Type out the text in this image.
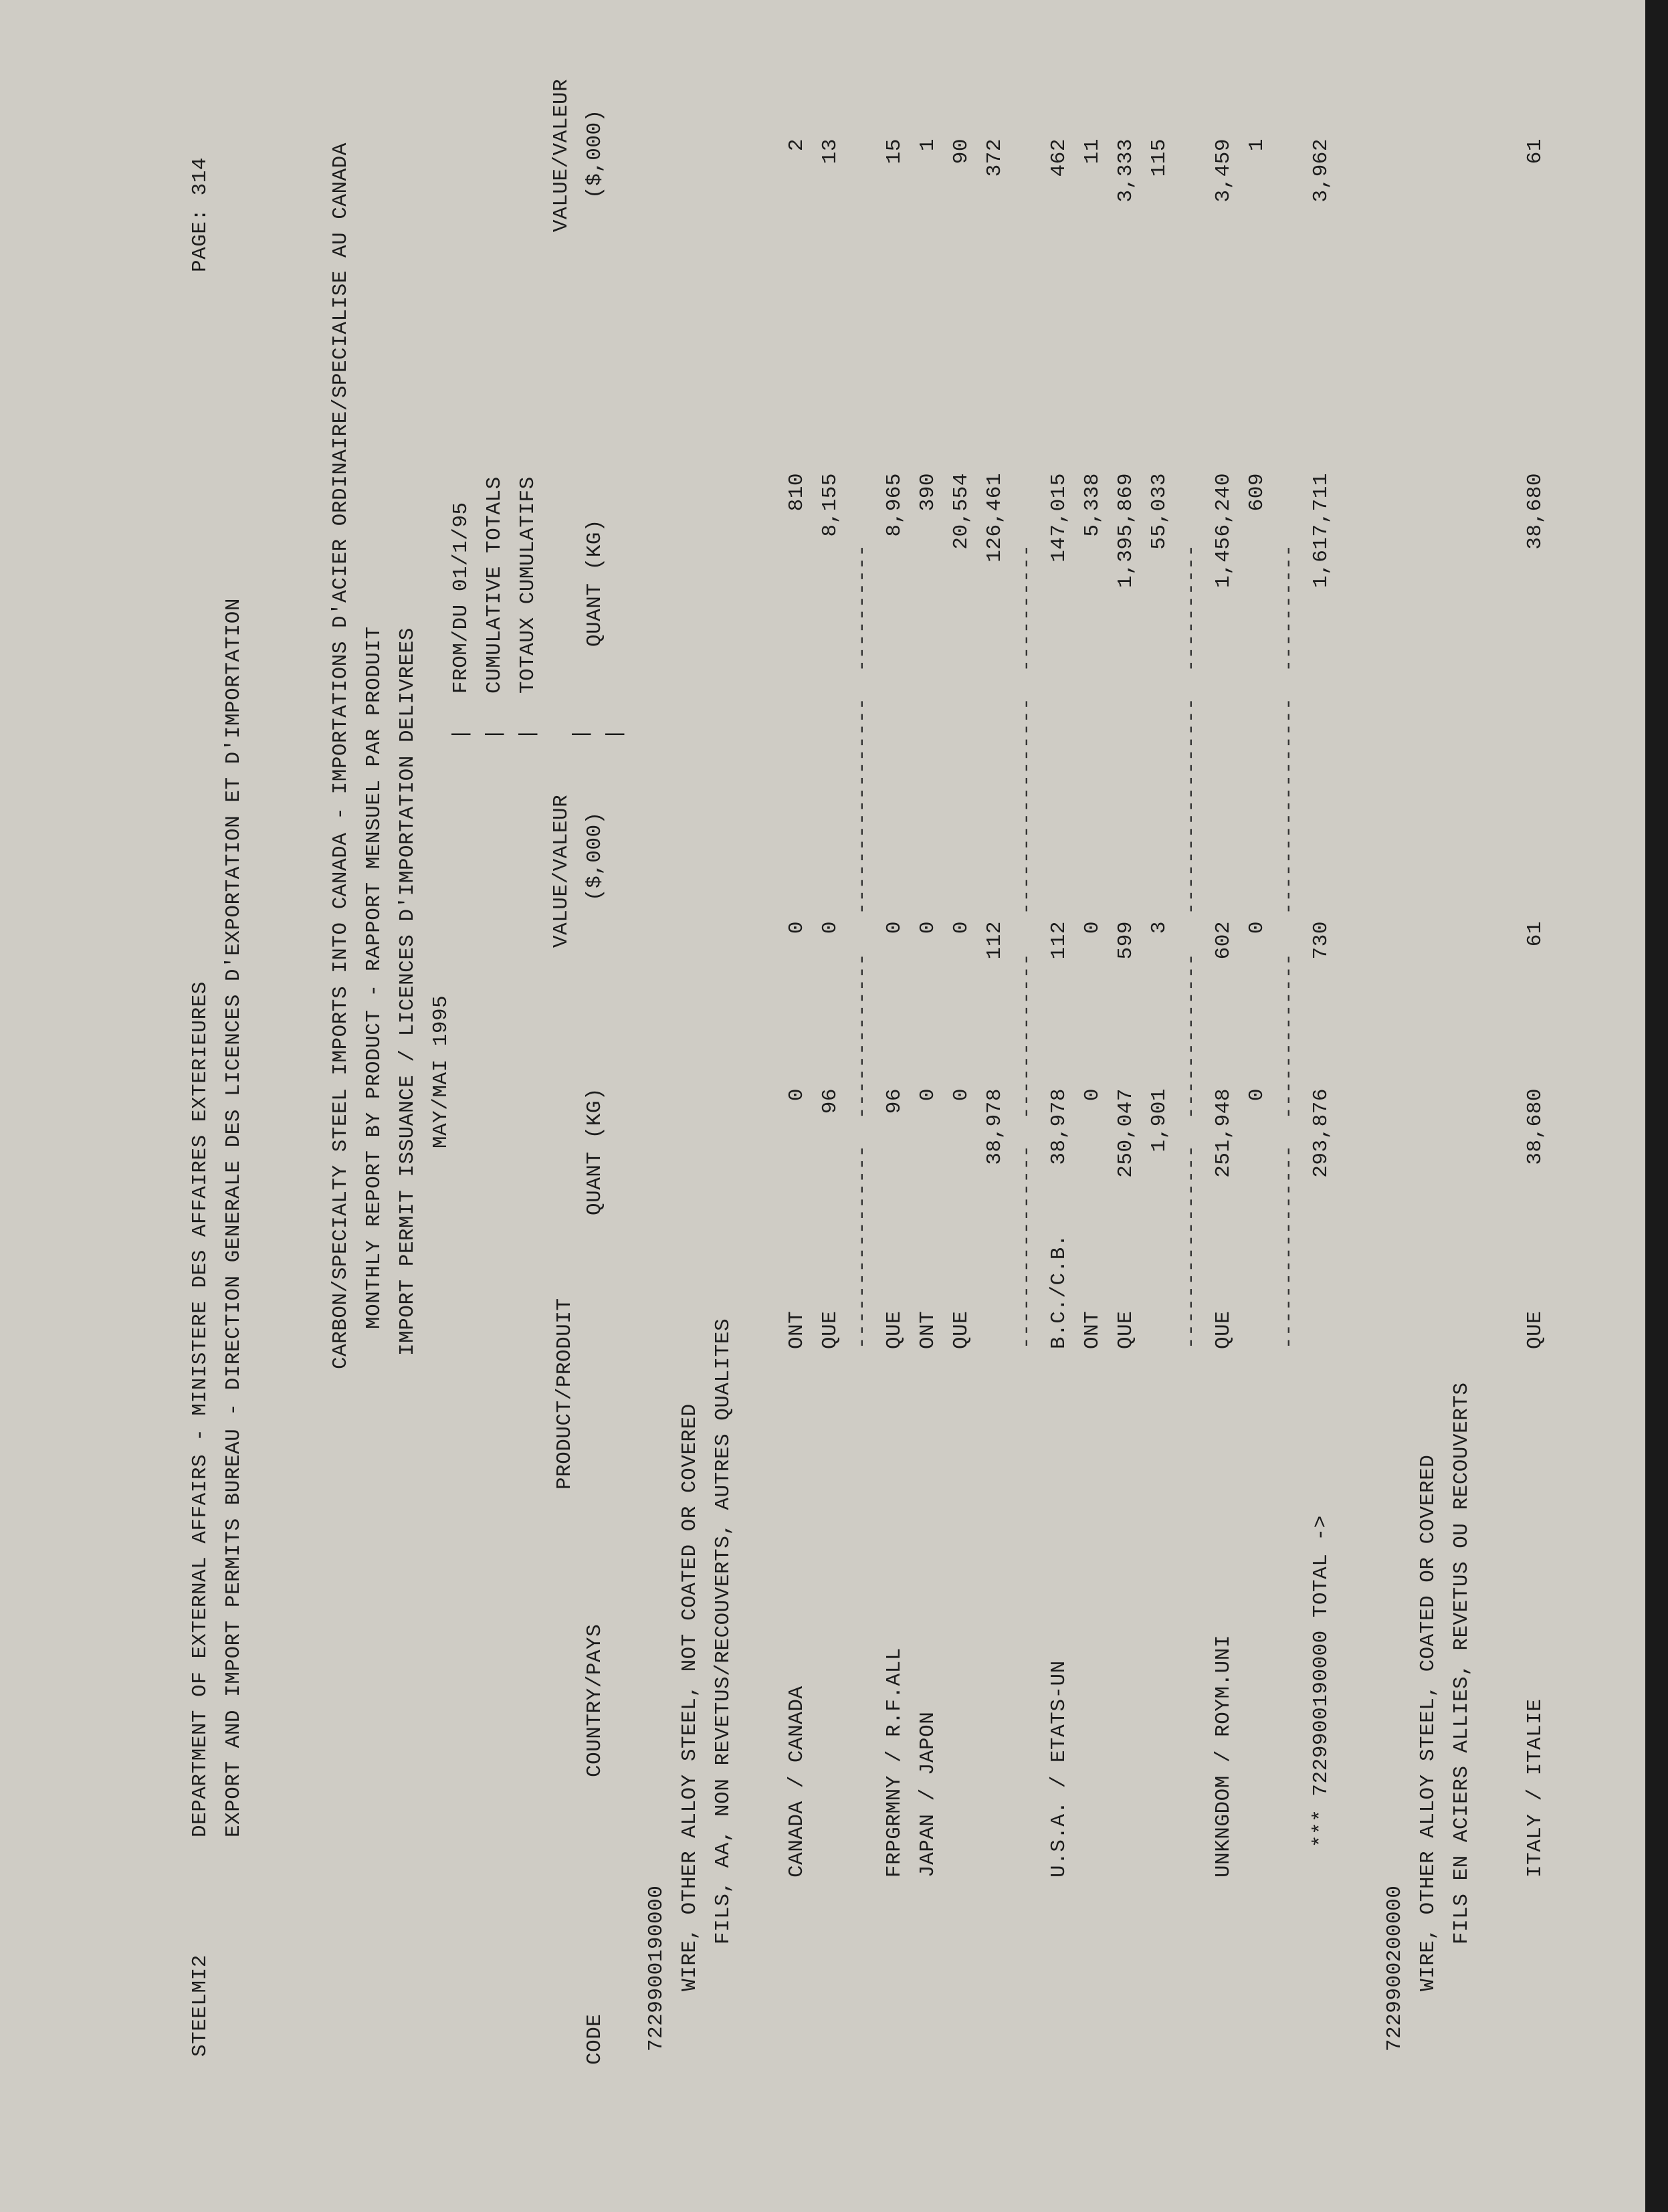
STEELMI2
DEPARTMENT OF EXTERNAL AFFAIRS - MINISTERE DES AFFAIRES EXTERIEURES EXPORT AND IMPORT PERMITS BUREAU - DIRECTION GENERALE DES LICENCES D'EXPORTATION ET D'IMPORTATION
PAGE: 314	CARBON/SPECIALTY STEEL IMPORTS INTO CANADA - IMPORTATIONS D'ACIER ORDINAIRE/SPECIALISE AU CANADA MONTHLY REPORT BY PRODUCT - RAPPORT MENSUEL PAR PRODUIT IMPORT PERMIT ISSUANCE / LICENCES D'IMPORTATION DELIVREES MAY/MAI 1995
FROM/DU 01/1/95 CUMULATIVE TOTALS TOTAUX CUMULATIFS
| | | | |
PRODUCT/PRODUIT
VALUE/VALEUR
VALUE/VALEUR
CODE
COUNTRY/PAYS
QUANT (KG)
($,000)
QUANT (KG)
($,000)
7229900190000 WIRE, OTHER ALLOY STEEL, NOT COATED OR COVERED FILS, AA, NON REVETUS/RECOUVERTS, AUTRES QUALITES CANADA / CANADA
ONT
0
0
810
2
QUE
96
0
8,155
13
----------------  -------------   -----------------  ----------
FRPGRMNY / R.F.ALL
QUE
96
0
8,965
15
JAPAN / JAPON
ONT
0
0
390
1
QUE
0
0
20,554
90
38,978
112
126,461
372
----------------  -------------   -----------------  ----------
U.S.A. / ETATS-UN
B.C./C.B.
38,978
112
147,015
462
ONT
0
0
5,338
11
QUE
250,047
599
1,395,869
3,333
1,901
3
55,033
115
----------------  -------------   -----------------  ----------
UNKNGDOM / ROYM.UNI
QUE
251,948
602
1,456,240
3,459
0
0
609
1
----------------  -------------   -----------------  ----------
*** 7229900190000 TOTAL ->
293,876
730
1,617,711
3,962
7229900200000 WIRE, OTHER ALLOY STEEL, COATED OR COVERED FILS EN ACIERS ALLIES, REVETUS OU RECOUVERTS ITALY / ITALIE
QUE
38,680
61
38,680
61
